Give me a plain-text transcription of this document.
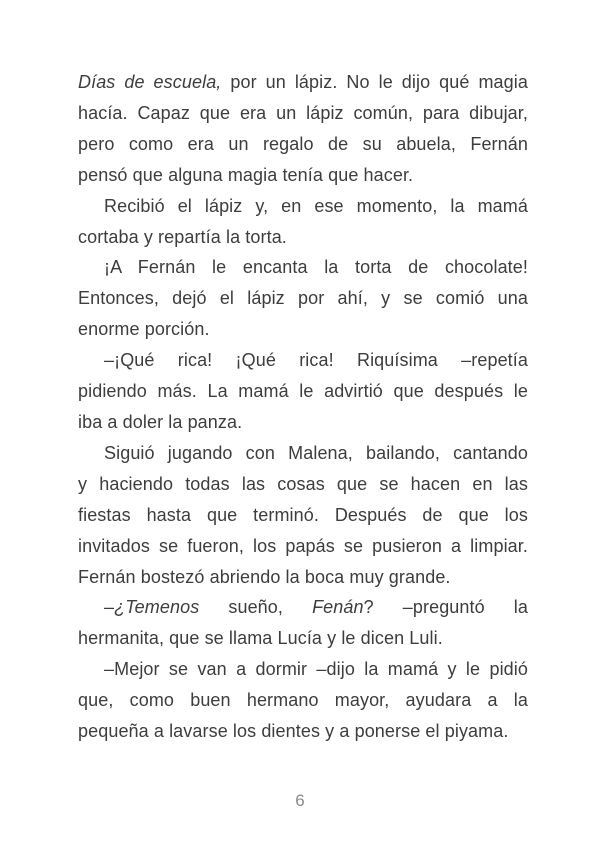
Días de escuela, por un lápiz. No le dijo qué magia
hacía. Capaz que era un lápiz común, para dibujar,
pero como era un regalo de su abuela, Fernán
pensó que alguna magia tenía que hacer.
Recibió el lápiz y, en ese momento, la mamá
cortaba y repartía la torta.
¡A Fernán le encanta la torta de chocolate!
Entonces, dejó el lápiz por ahí, y se comió una
enorme porción.
–¡Qué rica! ¡Qué rica! Riquísima –repetía
pidiendo más. La mamá le advirtió que después le
iba a doler la panza.
Siguió jugando con Malena, bailando, cantando
y haciendo todas las cosas que se hacen en las
fiestas hasta que terminó. Después de que los
invitados se fueron, los papás se pusieron a limpiar.
Fernán bostezó abriendo la boca muy grande.
–¿Temenos sueño, Fenán? –preguntó la
hermanita, que se llama Lucía y le dicen Luli.
–Mejor se van a dormir –dijo la mamá y le pidió
que, como buen hermano mayor, ayudara a la
pequeña a lavarse los dientes y a ponerse el piyama.
6
